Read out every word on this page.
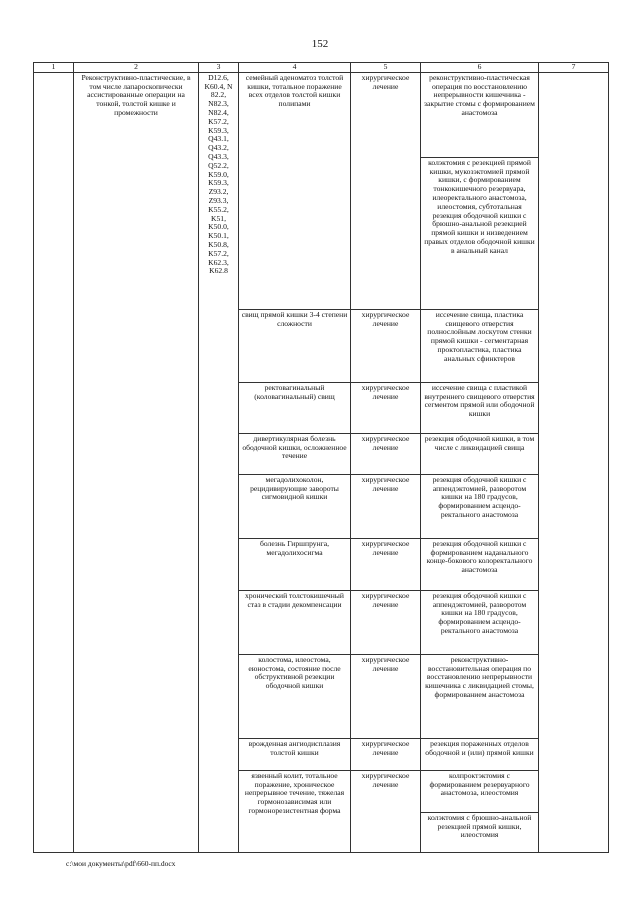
152
1	2	3	4	5	6	7
	Реконструктивно-пластические, в том числе лапароскопически ассистированные операции на тонкой, толстой кишке и промежности	D12.6, K60.4, N 82.2, N82.3, N82.4, K57.2, K59.3, Q43.1, Q43.2, Q43.3, Q52.2, K59.0, K59.3, Z93.2, Z93.3, K55.2, K51, K50.0, K50.1, K50.8, K57.2, K62.3, K62.8	семейный аденоматоз толстой кишки, тотальное поражение всех отделов толстой кишки полипами	хирургическое лечение	реконструктивно-пластическая операция по восстановлению непрерывности кишечника - закрытие стомы с формированием анастомоза	
					колэктомия с резекцией прямой кишки, мукозэктомией прямой кишки, с формированием тонкокишечного резервуара, илеоректального анастомоза, илеостомия, субтотальная резекция ободочной кишки с брюшно-анальной резекцией прямой кишки и низведением правых отделов ободочной кишки в анальный канал	
			свищ прямой кишки 3-4 степени сложности	хирургическое лечение	иссечение свища, пластика свищевого отверстия полнослойным лоскутом стенки прямой кишки - сегментарная проктопластика, пластика анальных сфинктеров	
			ректовагинальный (коловагинальный) свищ	хирургическое лечение	иссечение свища с пластикой внутреннего свищевого отверстия сегментом прямой или ободочной кишки	
			дивертикулярная болезнь ободочной кишки, осложненное течение	хирургическое лечение	резекция ободочной кишки, в том числе с ликвидацией свища	
			мегадолихоколон, рецидивирующие завороты сигмовидной кишки	хирургическое лечение	резекция ободочной кишки с аппендэктомией, разворотом кишки на 180 градусов, формированием асцендо-ректального анастомоза	
			болезнь Гиршпрунга, мегадолихосигма	хирургическое лечение	резекция ободочной кишки с формированием наданального конце-бокового колоректального анастомоза	
			хронический толстокишечный стаз в стадии декомпенсации	хирургическое лечение	резекция ободочной кишки с аппендэктомией, разворотом кишки на 180 градусов, формированием асцендо-ректального анастомоза	
			колостома, илеостома, еюностома, состояние после обструктивной резекции ободочной кишки	хирургическое лечение	реконструктивно-восстановительная операция по восстановлению непрерывности кишечника с ликвидацией стомы, формированием анастомоза	
			врожденная ангиодисплазия толстой кишки	хирургическое лечение	резекция пораженных отделов ободочной и (или) прямой кишки	
			язвенный колит, тотальное поражение, хроническое непрерывное течение, тяжелая гормонозависимая или гормонорезистентная форма	хирургическое лечение	колпроктэктомия с формированием резервуарного анастомоза, илеостомия	
					колэктомия с брюшно-анальной резекцией прямой кишки, илеостомия	
c:\мои документы\pdf\660-пп.docx
